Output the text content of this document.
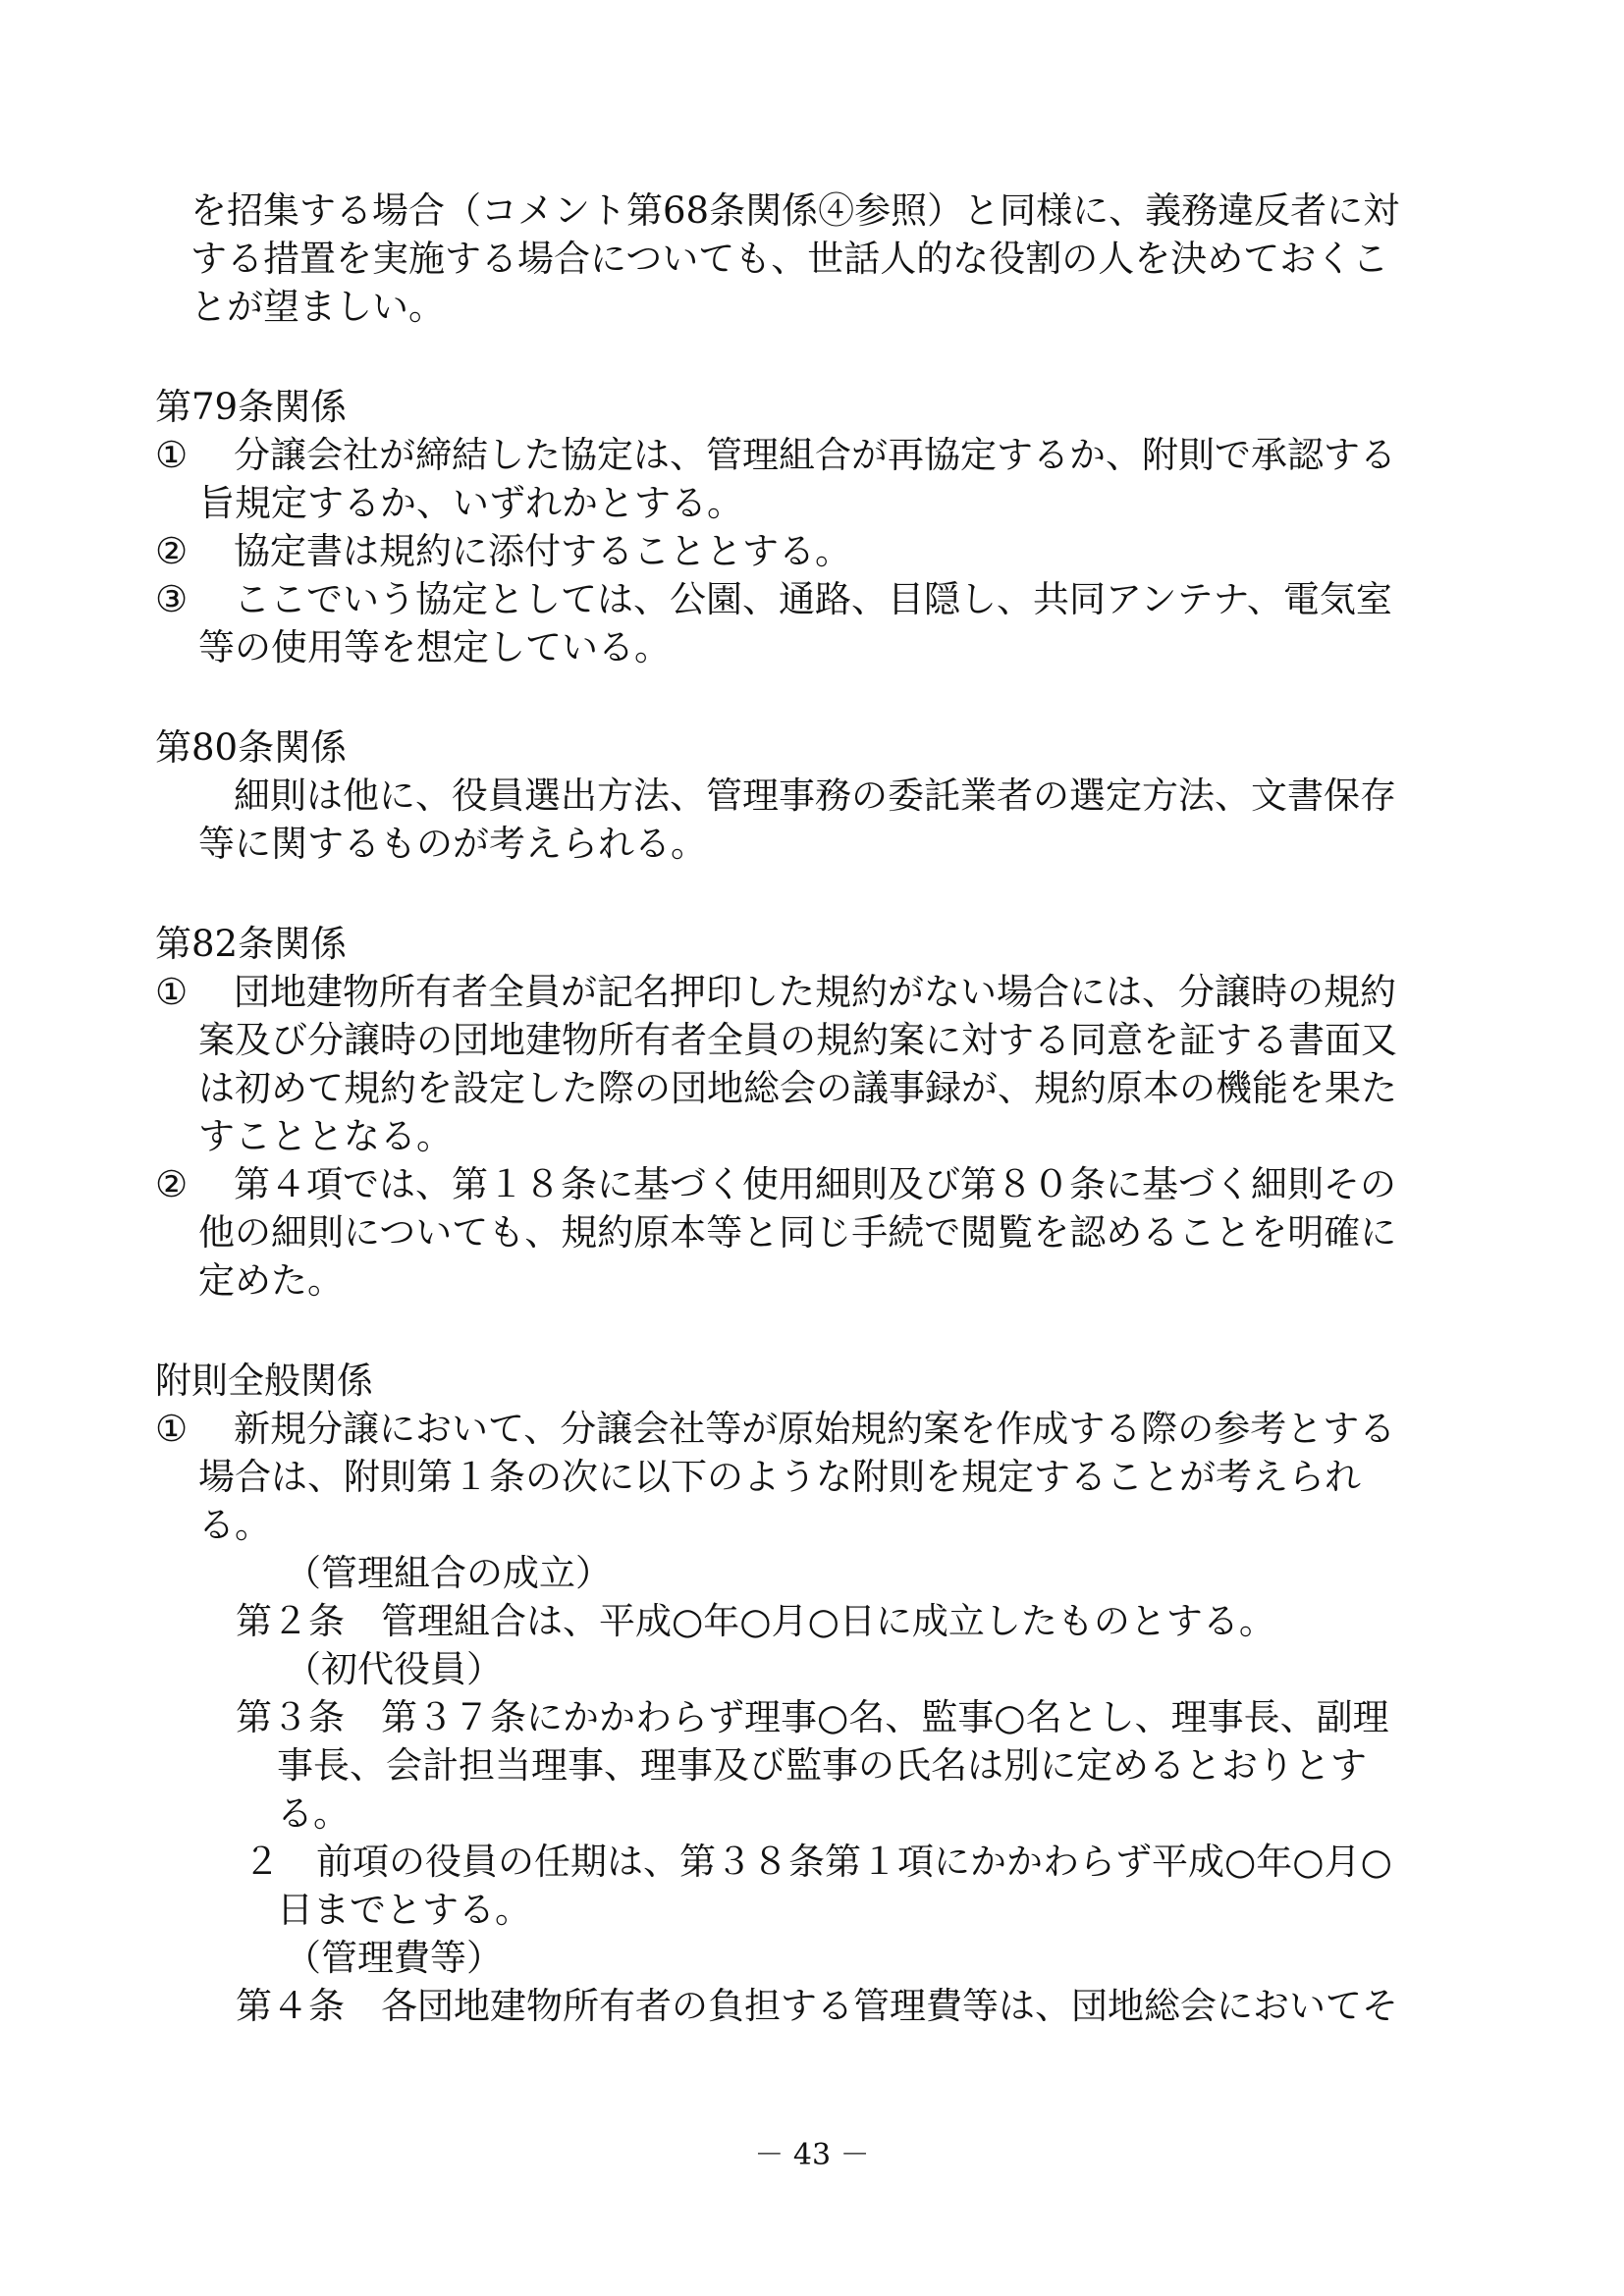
を招集する場合（コメント第68条関係④参照）と同様に、義務違反者に対
する措置を実施する場合についても、世話人的な役割の人を決めておくこ
とが望ましい。
第79条関係
①	分譲会社が締結した協定は、管理組合が再協定するか、附則で承認する
旨規定するか、いずれかとする。
②	協定書は規約に添付することとする。
③	ここでいう協定としては、公園、通路、目隠し、共同アンテナ、電気室
等の使用等を想定している。
第80条関係
細則は他に、役員選出方法、管理事務の委託業者の選定方法、文書保存
等に関するものが考えられる。
第82条関係
①	団地建物所有者全員が記名押印した規約がない場合には、分譲時の規約
案及び分譲時の団地建物所有者全員の規約案に対する同意を証する書面又
は初めて規約を設定した際の団地総会の議事録が、規約原本の機能を果た
すこととなる。
②	第４項では、第１８条に基づく使用細則及び第８０条に基づく細則その
他の細則についても、規約原本等と同じ手続で閲覧を認めることを明確に
定めた。
附則全般関係
①	新規分譲において、分譲会社等が原始規約案を作成する際の参考とする
場合は、附則第１条の次に以下のような附則を規定することが考えられ
る。
（管理組合の成立）
第２条　管理組合は、平成○年○月○日に成立したものとする。
（初代役員）
第３条　第３７条にかかわらず理事○名、監事○名とし、理事長、副理
事長、会計担当理事、理事及び監事の氏名は別に定めるとおりとす
る。
２　前項の役員の任期は、第３８条第１項にかかわらず平成○年○月○
日までとする。
（管理費等）
第４条　各団地建物所有者の負担する管理費等は、団地総会においてそ
－ 43 －
